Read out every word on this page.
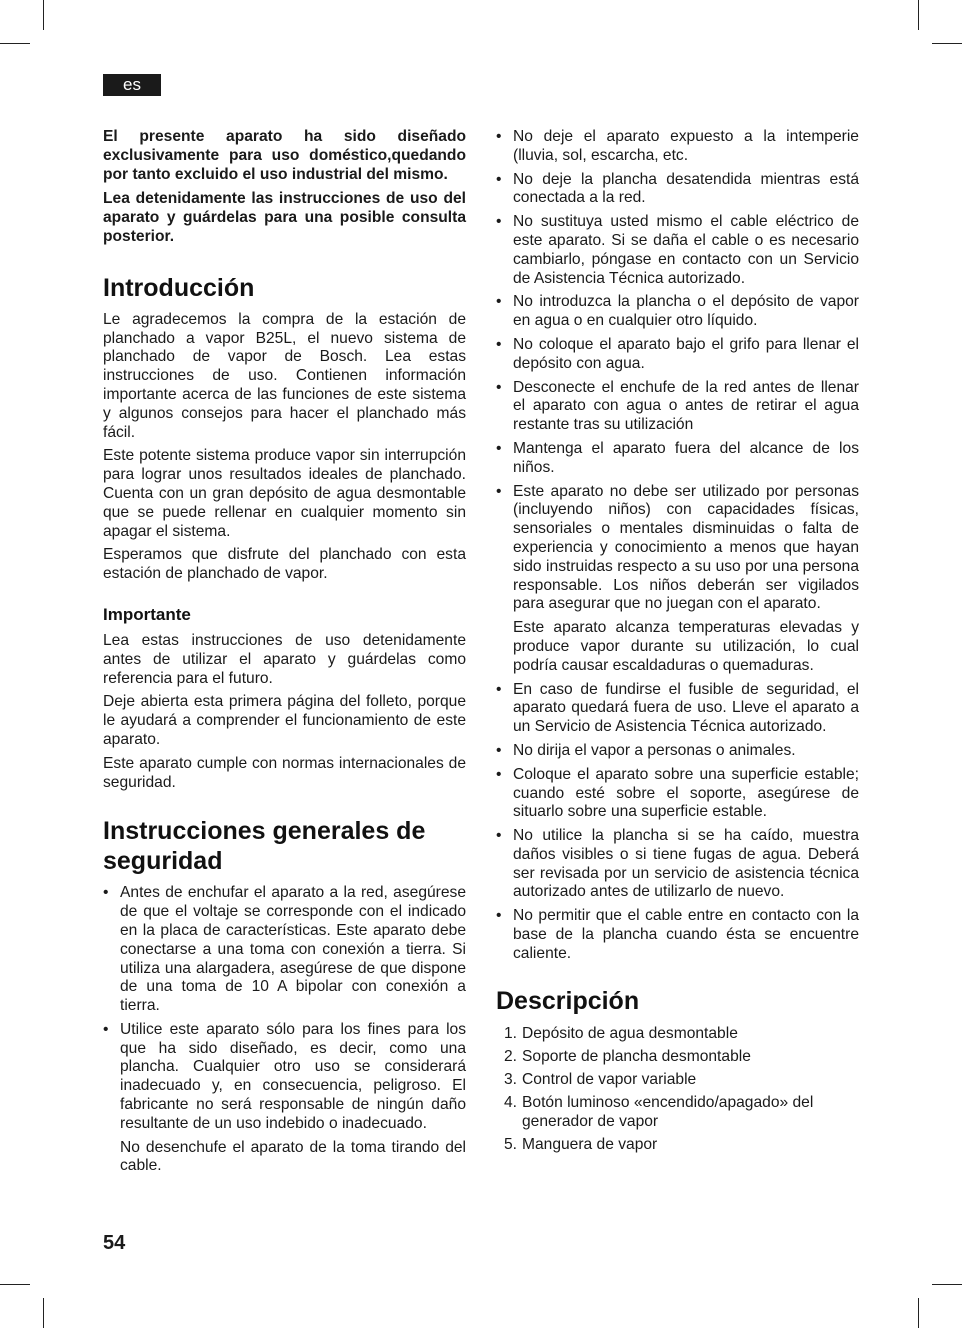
es

El presente aparato ha sido diseñado exclusivamente para uso doméstico,quedando por tanto excluido el uso industrial del mismo.

Lea detenidamente las instrucciones de uso del aparato y guárdelas para una posible consulta posterior.

Introducción

Le agradecemos la compra de la estación de planchado a vapor B25L, el nuevo sistema de planchado de vapor de Bosch. Lea estas instrucciones de uso. Contienen información importante acerca de las funciones de este sistema y algunos consejos para hacer el planchado más fácil.

Este potente sistema produce vapor sin interrupción para lograr unos resultados ideales de planchado. Cuenta con un gran depósito de agua desmontable que se puede rellenar en cualquier momento sin apagar el sistema.

Esperamos que disfrute del planchado con esta estación de planchado de vapor.

Importante

Lea estas instrucciones de uso detenidamente antes de utilizar el aparato y guárdelas como referencia para el futuro.

Deje abierta esta primera página del folleto, porque le ayudará a comprender el funcionamiento de este aparato.

Este aparato cumple con normas internacionales de seguridad.

Instrucciones generales de seguridad

• Antes de enchufar el aparato a la red, asegúrese de que el voltaje se corresponde con el indicado en la placa de características. Este aparato debe conectarse a una toma con conexión a tierra. Si utiliza una alargadera, asegúrese de que dispone de una toma de 10 A bipolar con conexión a tierra.

• Utilice este aparato sólo para los fines para los que ha sido diseñado, es decir, como una plancha. Cualquier otro uso se considerará inadecuado y, en consecuencia, peligroso. El fabricante no será responsable de ningún daño resultante de un uso indebido o inadecuado.

No desenchufe el aparato de la toma tirando del cable.

• No deje el aparato expuesto a la intemperie (lluvia, sol, escarcha, etc.

• No deje la plancha desatendida mientras está conectada a la red.

• No sustituya usted mismo el cable eléctrico de este aparato. Si se daña el cable o es necesario cambiarlo, póngase en contacto con un Servicio de Asistencia Técnica autorizado.

• No introduzca la plancha o el depósito de vapor en agua o en cualquier otro líquido.

• No coloque el aparato bajo el grifo para llenar el depósito con agua.

• Desconecte el enchufe de la red antes de llenar el aparato con agua o antes de retirar el agua restante tras su utilización

• Mantenga el aparato fuera del alcance de los niños.

• Este aparato no debe ser utilizado por personas (incluyendo niños) con capacidades físicas, sensoriales o mentales disminuidas o falta de experiencia y conocimiento a menos que hayan sido instruidas respecto a su uso por una persona responsable. Los niños deberán ser vigilados para asegurar que no juegan con el aparato.

Este aparato alcanza temperaturas elevadas y produce vapor durante su utilización, lo cual podría causar escaldaduras o quemaduras.

• En caso de fundirse el fusible de seguridad, el aparato quedará fuera de uso. Lleve el aparato a un Servicio de Asistencia Técnica autorizado.

• No dirija el vapor a personas o animales.

• Coloque el aparato sobre una superficie estable; cuando esté sobre el soporte, asegúrese de situarlo sobre una superficie estable.

• No utilice la plancha si se ha caído, muestra daños visibles o si tiene fugas de agua. Deberá ser revisada por un servicio de asistencia técnica autorizado antes de utilizarlo de nuevo.

• No permitir que el cable entre en contacto con la base de la plancha cuando ésta se encuentre caliente.

Descripción
1. Depósito de agua desmontable
2. Soporte de plancha desmontable
3. Control de vapor variable
4. Botón luminoso «encendido/apagado» del generador de vapor
5. Manguera de vapor
54
